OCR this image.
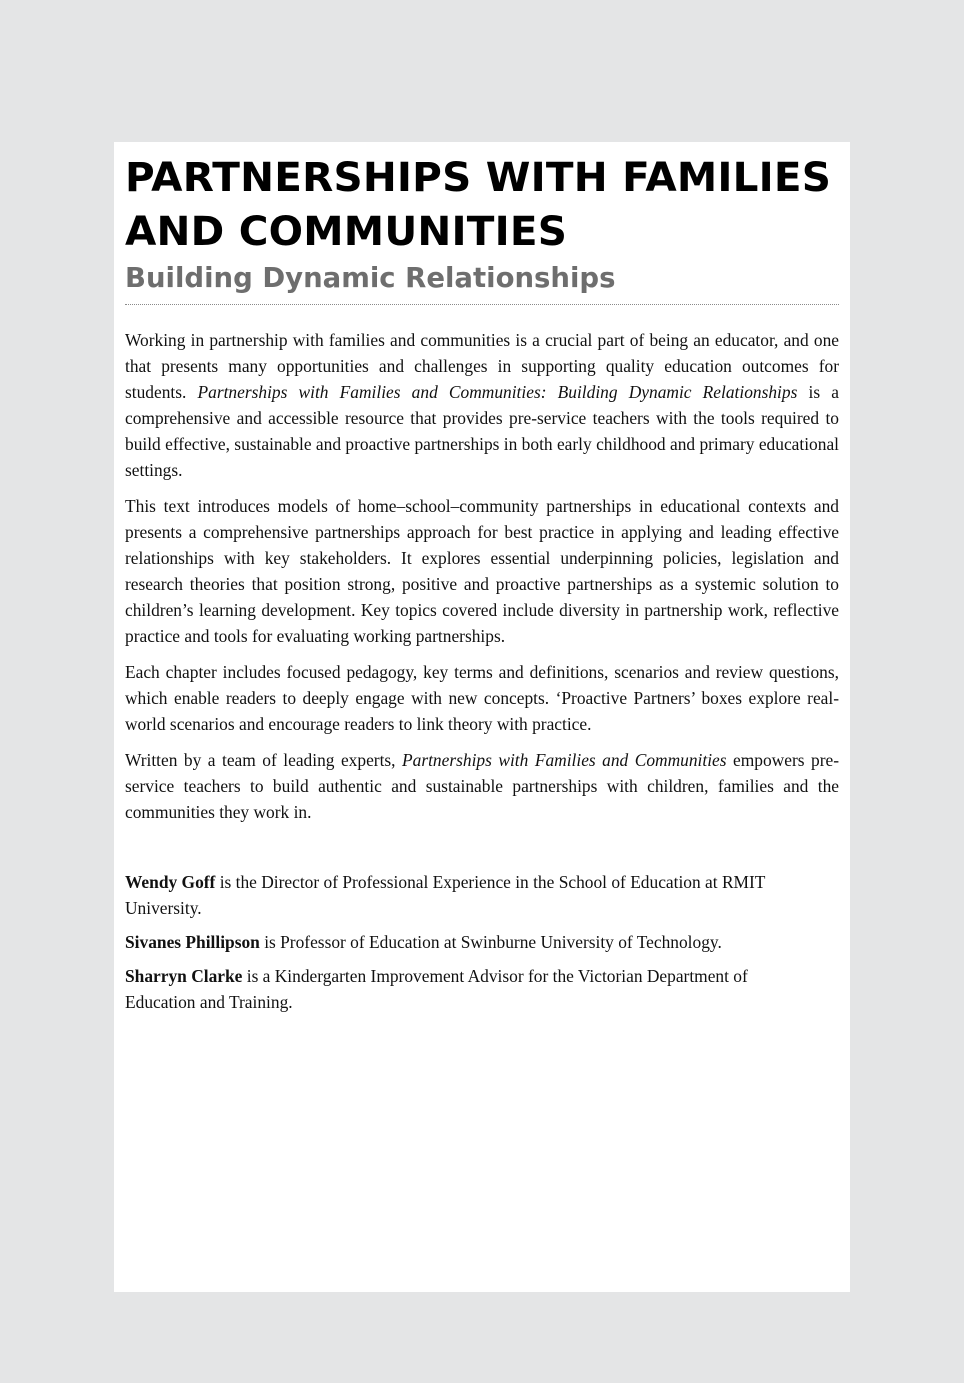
PARTNERSHIPS WITH FAMILIES
AND COMMUNITIES
Building Dynamic Relationships

Working in partnership with families and communities is a crucial part of being an educator, and one that presents many opportunities and challenges in supporting quality education outcomes for students. Partnerships with Families and Communities: Building Dynamic Relationships is a comprehensive and accessible resource that provides pre-service teachers with the tools required to build effective, sustainable and proactive partnerships in both early childhood and primary educational settings.

This text introduces models of home–school–community partnerships in educational contexts and presents a comprehensive partnerships approach for best practice in applying and leading effective relationships with key stakeholders. It explores essential underpinning policies, legislation and research theories that position strong, positive and proactive partnerships as a systemic solution to children’s learning development. Key topics covered include diversity in partnership work, reflective practice and tools for evaluating working partnerships.

Each chapter includes focused pedagogy, key terms and definitions, scenarios and review questions, which enable readers to deeply engage with new concepts. ‘Proactive Partners’ boxes explore real-world scenarios and encourage readers to link theory with practice.

Written by a team of leading experts, Partnerships with Families and Communities empowers pre-service teachers to build authentic and sustainable partnerships with children, families and the communities they work in.

Wendy Goff is the Director of Professional Experience in the School of Education at RMIT University.

Sivanes Phillipson is Professor of Education at Swinburne University of Technology.

Sharryn Clarke is a Kindergarten Improvement Advisor for the Victorian Department of Education and Training.
